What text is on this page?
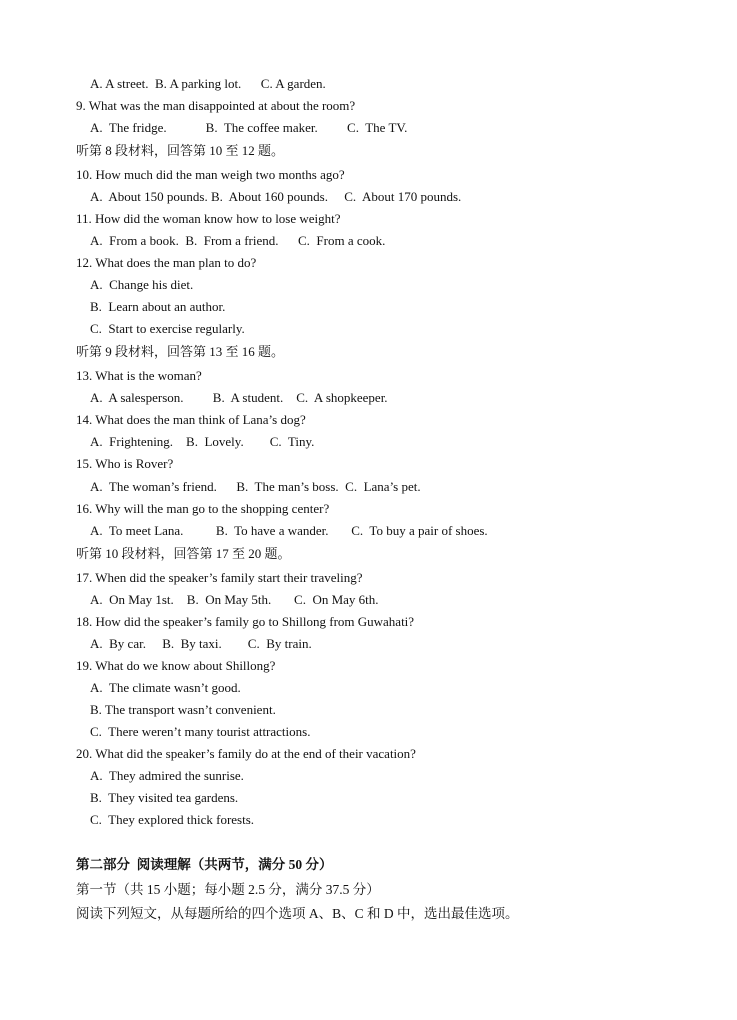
A. A street.  B. A parking lot.      C. A garden.
9. What was the man disappointed at about the room?
A.  The fridge.            B.  The coffee maker.         C.  The TV.
听第 8 段材料，回答第 10 至 12 题。
10. How much did the man weigh two months ago?
A.  About 150 pounds. B.  About 160 pounds.     C.  About 170 pounds.
11. How did the woman know how to lose weight?
A.  From a book.  B.  From a friend.      C.  From a cook.
12. What does the man plan to do?
A.  Change his diet.
B.  Learn about an author.
C.  Start to exercise regularly.
听第 9 段材料，回答第 13 至 16 题。
13. What is the woman?
A.  A salesperson.         B.  A student.    C.  A shopkeeper.
14. What does the man think of Lana’s dog?
A.  Frightening.    B.  Lovely.        C.  Tiny.
15. Who is Rover?
A.  The woman’s friend.      B.  The man’s boss.  C.  Lana’s pet.
16. Why will the man go to the shopping center?
A.  To meet Lana.          B.  To have a wander.       C.  To buy a pair of shoes.
听第 10 段材料，回答第 17 至 20 题。
17. When did the speaker’s family start their traveling?
A.  On May 1st.    B.  On May 5th.       C.  On May 6th.
18. How did the speaker’s family go to Shillong from Guwahati?
A.  By car.     B.  By taxi.        C.  By train.
19. What do we know about Shillong?
A.  The climate wasn’t good.
B. The transport wasn’t convenient.
C.  There weren’t many tourist attractions.
20. What did the speaker’s family do at the end of their vacation?
A.  They admired the sunrise.
B.  They visited tea gardens.
C.  They explored thick forests.
第二部分  阅读理解（共两节，满分 50 分）
第一节（共 15 小题；每小题 2.5 分，满分 37.5 分）
阅读下列短文，从每题所给的四个选项 A、B、C 和 D 中，选出最佳选项。
